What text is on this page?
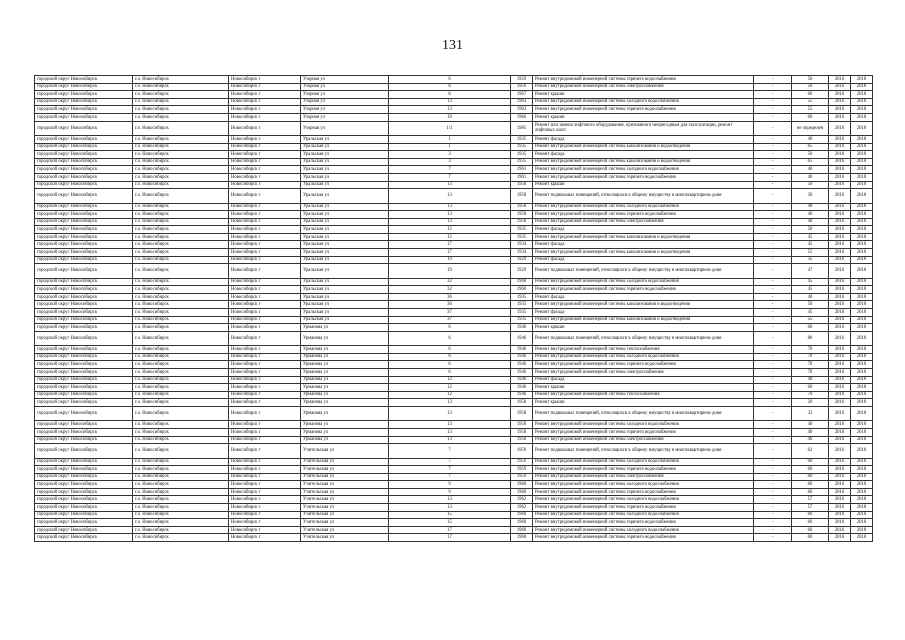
131
городской округ Новосибирск	г.о. Новосибирск	Новосибирск г	Узорная ул	6	1959	Ремонт внутридомовой инженерной системы горячего водоснабжения	-	50	2016	2018
городской округ Новосибирск	г.о. Новосибирск	Новосибирск г	Узорная ул	6	1959	Ремонт внутридомовой инженерной системы электроснабжения	-	50	2016	2018
городской округ Новосибирск	г.о. Новосибирск	Новосибирск г	Узорная ул	8	1967	Ремонт крыши	-	60	2016	2018
городской округ Новосибирск	г.о. Новосибирск	Новосибирск г	Узорная ул	13	1963	Ремонт внутридомовой инженерной системы холодного водоснабжения	-	55	2016	2018
городской округ Новосибирск	г.о. Новосибирск	Новосибирск г	Узорная ул	13	1963	Ремонт внутридомовой инженерной системы горячего водоснабжения	-	55	2016	2018
городской округ Новосибирск	г.о. Новосибирск	Новосибирск г	Узорная ул	19	1966	Ремонт крыши	-	60	2016	2018
городской округ Новосибирск	г.о. Новосибирск	Новосибирск г	Узорная ул	1/1	1985	Ремонт или замена лифтового оборудования, признанного непригодным для эксплуатации, ремонт лифтовых шахт	-	не определен	2016	2018
городской округ Новосибирск	г.о. Новосибирск	Новосибирск г	Уральская ул	1	1935	Ремонт фасада	-	40	2016	2018
городской округ Новосибирск	г.о. Новосибирск	Новосибирск г	Уральская ул	1	1935	Ремонт внутридомовой инженерной системы канализования и водоотведения	-	65	2016	2018
городской округ Новосибирск	г.о. Новосибирск	Новосибирск г	Уральская ул	3	1935	Ремонт фасада	-	50	2016	2018
городской округ Новосибирск	г.о. Новосибирск	Новосибирск г	Уральская ул	3	1935	Ремонт внутридомовой инженерной системы канализования и водоотведения	-	65	2016	2018
городской округ Новосибирск	г.о. Новосибирск	Новосибирск г	Уральская ул	7	1961	Ремонт внутридомовой инженерной системы холодного водоснабжения	-	40	2016	2018
городской округ Новосибирск	г.о. Новосибирск	Новосибирск г	Уральская ул	7	1961	Ремонт внутридомовой инженерной системы горячего водоснабжения	-	40	2016	2018
городской округ Новосибирск	г.о. Новосибирск	Новосибирск г	Уральская ул	13	1958	Ремонт крыши	-	50	2016	2018
городской округ Новосибирск	г.о. Новосибирск	Новосибирск г	Уральская ул	13	1958	Ремонт подвальных помещений, относящихся к общему имуществу в многоквартирном доме	-	30	2016	2018
городской округ Новосибирск	г.о. Новосибирск	Новосибирск г	Уральская ул	13	1958	Ремонт внутридомовой инженерной системы холодного водоснабжения	-	40	2016	2018
городской округ Новосибирск	г.о. Новосибирск	Новосибирск г	Уральская ул	13	1958	Ремонт внутридомовой инженерной системы горячего водоснабжения	-	40	2016	2018
городской округ Новосибирск	г.о. Новосибирск	Новосибирск г	Уральская ул	13	1958	Ремонт внутридомовой инженерной системы электроснабжения	-	40	2016	2018
городской округ Новосибирск	г.о. Новосибирск	Новосибирск г	Уральская ул	15	1935	Ремонт фасада	-	50	2016	2018
городской округ Новосибирск	г.о. Новосибирск	Новосибирск г	Уральская ул	15	1935	Ремонт внутридомовой инженерной системы канализования и водоотведения	-	45	2016	2018
городской округ Новосибирск	г.о. Новосибирск	Новосибирск г	Уральская ул	17	1934	Ремонт фасада	-	45	2016	2018
городской округ Новосибирск	г.о. Новосибирск	Новосибирск г	Уральская ул	17	1934	Ремонт внутридомовой инженерной системы канализования и водоотведения	-	55	2016	2018
городской округ Новосибирск	г.о. Новосибирск	Новосибирск г	Уральская ул	19	1929	Ремонт фасада	-	35	2016	2018
городской округ Новосибирск	г.о. Новосибирск	Новосибирск г	Уральская ул	19	1929	Ремонт подвальных помещений, относящихся к общему имуществу в многоквартирном доме	-	47	2016	2018
городской округ Новосибирск	г.о. Новосибирск	Новосибирск г	Уральская ул	32	1960	Ремонт внутридомовой инженерной системы холодного водоснабжения	-	45	2016	2018
городской округ Новосибирск	г.о. Новосибирск	Новосибирск г	Уральская ул	32	1960	Ремонт внутридомовой инженерной системы горячего водоснабжения	-	45	2016	2018
городской округ Новосибирск	г.о. Новосибирск	Новосибирск г	Уральская ул	36	1935	Ремонт фасада	-	40	2016	2018
городской округ Новосибирск	г.о. Новосибирск	Новосибирск г	Уральская ул	36	1935	Ремонт внутридомовой инженерной системы канализования и водоотведения	-	50	2016	2018
городской округ Новосибирск	г.о. Новосибирск	Новосибирск г	Уральская ул	37	1935	Ремонт фасада	-	45	2016	2018
городской округ Новосибирск	г.о. Новосибирск	Новосибирск г	Уральская ул	37	1935	Ремонт внутридомовой инженерной системы канализования и водоотведения	-	55	2016	2018
городской округ Новосибирск	г.о. Новосибирск	Новосибирск г	Урманова ул	6	1946	Ремонт крыши	-	60	2016	2018
городской округ Новосибирск	г.о. Новосибирск	Новосибирск г	Урманова ул	6	1946	Ремонт подвальных помещений, относящихся к общему имуществу в многоквартирном доме	-	80	2016	2018
городской округ Новосибирск	г.о. Новосибирск	Новосибирск г	Урманова ул	6	1946	Ремонт внутридомовой инженерной системы теплоснабжения	-	70	2016	2018
городской округ Новосибирск	г.о. Новосибирск	Новосибирск г	Урманова ул	6	1946	Ремонт внутридомовой инженерной системы холодного водоснабжения	-	70	2016	2018
городской округ Новосибирск	г.о. Новосибирск	Новосибирск г	Урманова ул	6	1946	Ремонт внутридомовой инженерной системы горячего водоснабжения	-	70	2016	2018
городской округ Новосибирск	г.о. Новосибирск	Новосибирск г	Урманова ул	6	1946	Ремонт внутридомовой инженерной системы электроснабжения	-	70	2016	2018
городской округ Новосибирск	г.о. Новосибирск	Новосибирск г	Урманова ул	12	1946	Ремонт фасада	-	40	2016	2018
городской округ Новосибирск	г.о. Новосибирск	Новосибирск г	Урманова ул	12	1946	Ремонт крыши	-	60	2016	2018
городской округ Новосибирск	г.о. Новосибирск	Новосибирск г	Урманова ул	12	1946	Ремонт внутридомовой инженерной системы теплоснабжения	-	70	2016	2018
городской округ Новосибирск	г.о. Новосибирск	Новосибирск г	Урманова ул	13	1958	Ремонт крыши	-	20	2016	2018
городской округ Новосибирск	г.о. Новосибирск	Новосибирск г	Урманова ул	13	1958	Ремонт подвальных помещений, относящихся к общему имуществу в многоквартирном доме	-	33	2016	2018
городской округ Новосибирск	г.о. Новосибирск	Новосибирск г	Урманова ул	13	1958	Ремонт внутридомовой инженерной системы холодного водоснабжения	-	40	2016	2018
городской округ Новосибирск	г.о. Новосибирск	Новосибирск г	Урманова ул	13	1958	Ремонт внутридомовой инженерной системы горячего водоснабжения	-	40	2016	2018
городской округ Новосибирск	г.о. Новосибирск	Новосибирск г	Урманова ул	13	1958	Ремонт внутридомовой инженерной системы электроснабжения	-	40	2016	2018
городской округ Новосибирск	г.о. Новосибирск	Новосибирск г	Учительская ул	7	1959	Ремонт подвальных помещений, относящихся к общему имуществу в многоквартирном доме	-	62	2016	2018
городской округ Новосибирск	г.о. Новосибирск	Новосибирск г	Учительская ул	7	1959	Ремонт внутридомовой инженерной системы холодного водоснабжения	-	60	2016	2018
городской округ Новосибирск	г.о. Новосибирск	Новосибирск г	Учительская ул	7	1959	Ремонт внутридомовой инженерной системы горячего водоснабжения	-	60	2016	2018
городской округ Новосибирск	г.о. Новосибирск	Новосибирск г	Учительская ул	7	1959	Ремонт внутридомовой инженерной системы электроснабжения	-	60	2016	2018
городской округ Новосибирск	г.о. Новосибирск	Новосибирск г	Учительская ул	9	1960	Ремонт внутридомовой инженерной системы холодного водоснабжения	-	60	2016	2018
городской округ Новосибирск	г.о. Новосибирск	Новосибирск г	Учительская ул	9	1960	Ремонт внутридомовой инженерной системы горячего водоснабжения	-	60	2016	2018
городской округ Новосибирск	г.о. Новосибирск	Новосибирск г	Учительская ул	13	1962	Ремонт внутридомовой инженерной системы холодного водоснабжения	-	57	2016	2018
городской округ Новосибирск	г.о. Новосибирск	Новосибирск г	Учительская ул	13	1962	Ремонт внутридомовой инженерной системы горячего водоснабжения	-	57	2016	2018
городской округ Новосибирск	г.о. Новосибирск	Новосибирск г	Учительская ул	15	1960	Ремонт внутридомовой инженерной системы холодного водоснабжения	-	60	2016	2018
городской округ Новосибирск	г.о. Новосибирск	Новосибирск г	Учительская ул	15	1960	Ремонт внутридомовой инженерной системы горячего водоснабжения	-	60	2016	2018
городской округ Новосибирск	г.о. Новосибирск	Новосибирск г	Учительская ул	17	1960	Ремонт внутридомовой инженерной системы холодного водоснабжения	-	60	2016	2018
городской округ Новосибирск	г.о. Новосибирск	Новосибирск г	Учительская ул	17	1960	Ремонт внутридомовой инженерной системы горячего водоснабжения	-	60	2016	2018
